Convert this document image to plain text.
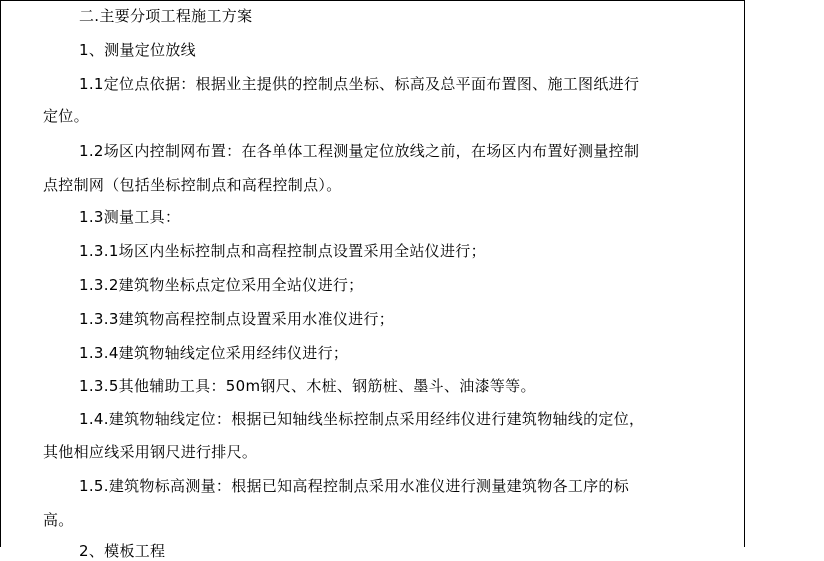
二.主要分项工程施工方案
1、测量定位放线
1.1定位点依据：根据业主提供的控制点坐标、标高及总平面布置图、施工图纸进行
定位。
1.2场区内控制网布置：在各单体工程测量定位放线之前，在场区内布置好测量控制
点控制网（包括坐标控制点和高程控制点）。
1.3测量工具：
1.3.1场区内坐标控制点和高程控制点设置采用全站仪进行；
1.3.2建筑物坐标点定位采用全站仪进行；
1.3.3建筑物高程控制点设置采用水准仪进行；
1.3.4建筑物轴线定位采用经纬仪进行；
1.3.5其他辅助工具：50m钢尺、木桩、钢筋桩、墨斗、油漆等等。
1.4.建筑物轴线定位：根据已知轴线坐标控制点采用经纬仪进行建筑物轴线的定位，
其他相应线采用钢尺进行排尺。
1.5.建筑物标高测量：根据已知高程控制点采用水准仪进行测量建筑物各工序的标
高。
2、模板工程
